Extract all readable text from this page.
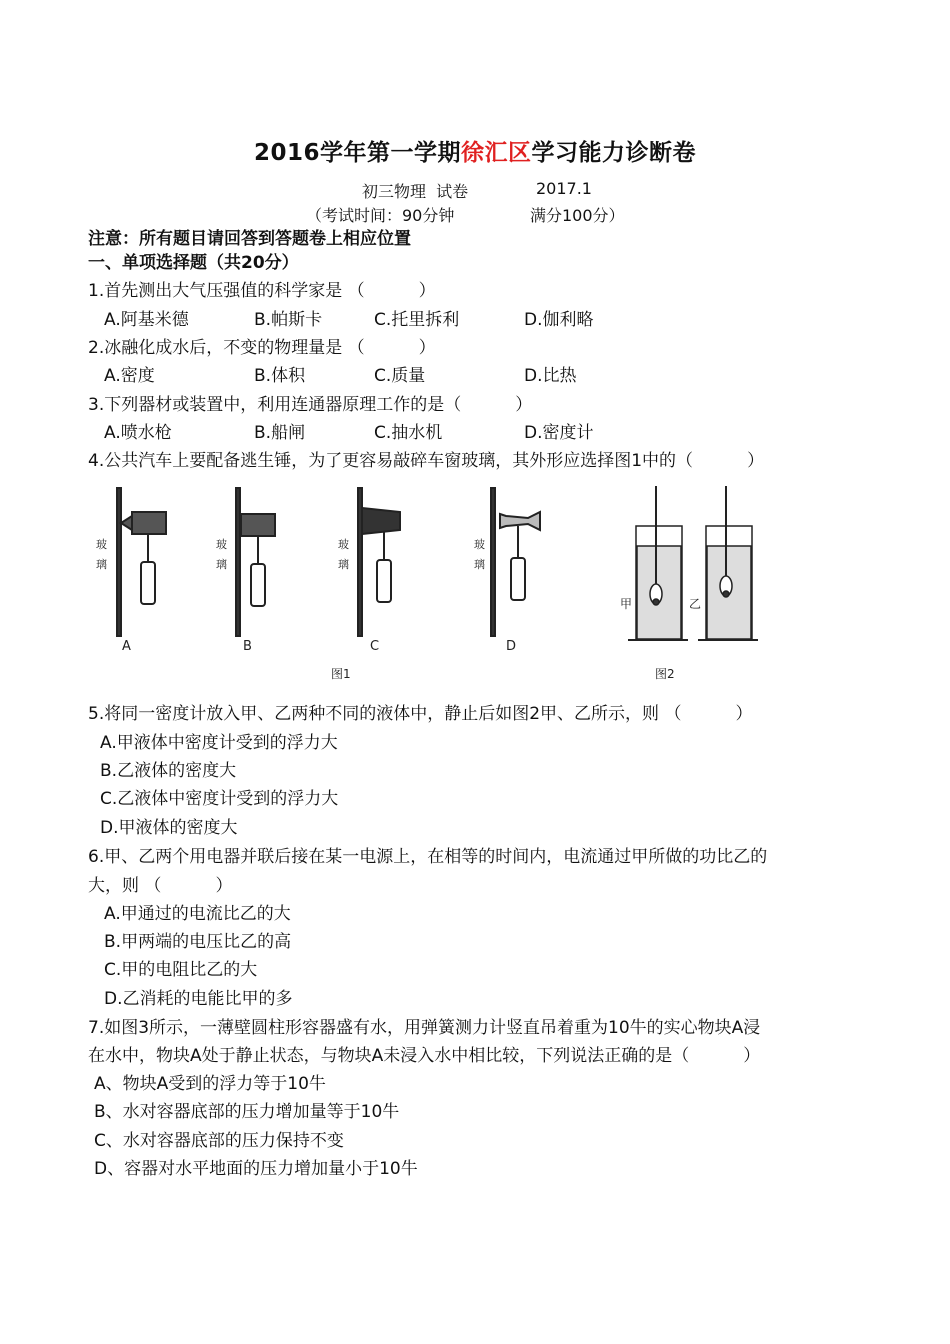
2016学年第一学期徐汇区学习能力诊断卷
初三物理  试卷	2017.1
（考试时间：90分钟	满分100分）
注意：所有题目请回答到答题卷上相应位置
一、单项选择题（共20分）
1.首先测出大气压强值的科学家是 （          ）
A.阿基米德	B.帕斯卡	C.托里拆利	D.伽利略
2.冰融化成水后，不变的物理量是 （          ）
A.密度	B.体积	C.质量	D.比热
3.下列器材或装置中，利用连通器原理工作的是（          ）
A.喷水枪	B.船闸	C.抽水机	D.密度计
4.公共汽车上要配备逃生锤，为了更容易敲碎车窗玻璃，其外形应选择图1中的（          ）
玻
璃
A
玻
璃
B
玻
璃
C
玻
璃
D
图1
甲	乙
图2
5.将同一密度计放入甲、乙两种不同的液体中，静止后如图2甲、乙所示，则 （          ）
A.甲液体中密度计受到的浮力大
B.乙液体的密度大
C.乙液体中密度计受到的浮力大
D.甲液体的密度大
6.甲、乙两个用电器并联后接在某一电源上，在相等的时间内，电流通过甲所做的功比乙的
大，则 （          ）
A.甲通过的电流比乙的大
B.甲两端的电压比乙的高
C.甲的电阻比乙的大
D.乙消耗的电能比甲的多
7.如图3所示，一薄壁圆柱形容器盛有水，用弹簧测力计竖直吊着重为10牛的实心物块A浸
在水中，物块A处于静止状态，与物块A未浸入水中相比较，下列说法正确的是（          ）
A、物块A受到的浮力等于10牛
B、水对容器底部的压力增加量等于10牛
C、水对容器底部的压力保持不变
D、容器对水平地面的压力增加量小于10牛
